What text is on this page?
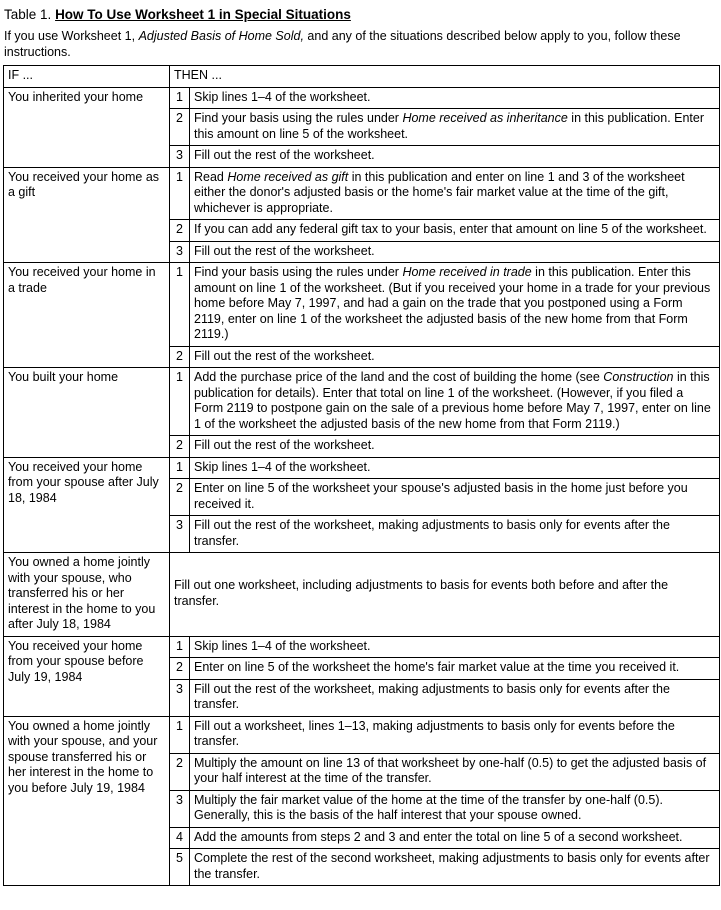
Table 1. How To Use Worksheet 1 in Special Situations
If you use Worksheet 1, Adjusted Basis of Home Sold, and any of the situations described below apply to you, follow these instructions.
IF ...	THEN ...	
You inherited your home	1	Skip lines 1–4 of the worksheet.
	2	Find your basis using the rules under Home received as inheritance in this publication. Enter this amount on line 5 of the worksheet.
	3	Fill out the rest of the worksheet.
You received your home as a gift	1	Read Home received as gift in this publication and enter on line 1 and 3 of the worksheet either the donor's adjusted basis or the home's fair market value at the time of the gift, whichever is appropriate.
	2	If you can add any federal gift tax to your basis, enter that amount on line 5 of the worksheet.
	3	Fill out the rest of the worksheet.
You received your home in a trade	1	Find your basis using the rules under Home received in trade in this publication. Enter this amount on line 1 of the worksheet. (But if you received your home in a trade for your previous home before May 7, 1997, and had a gain on the trade that you postponed using a Form 2119, enter on line 1 of the worksheet the adjusted basis of the new home from that Form 2119.)
	2	Fill out the rest of the worksheet.
You built your home	1	Add the purchase price of the land and the cost of building the home (see Construction in this publication for details). Enter that total on line 1 of the worksheet. (However, if you filed a Form 2119 to postpone gain on the sale of a previous home before May 7, 1997, enter on line 1 of the worksheet the adjusted basis of the new home from that Form 2119.)
	2	Fill out the rest of the worksheet.
You received your home from your spouse after July 18, 1984	1	Skip lines 1–4 of the worksheet.
	2	Enter on line 5 of the worksheet your spouse's adjusted basis in the home just before you received it.
	3	Fill out the rest of the worksheet, making adjustments to basis only for events after the transfer.
You owned a home jointly with your spouse, who transferred his or her interest in the home to you after July 18, 1984	Fill out one worksheet, including adjustments to basis for events both before and after the transfer.	
You received your home from your spouse before July 19, 1984	1	Skip lines 1–4 of the worksheet.
	2	Enter on line 5 of the worksheet the home's fair market value at the time you received it.
	3	Fill out the rest of the worksheet, making adjustments to basis only for events after the transfer.
You owned a home jointly with your spouse, and your spouse transferred his or her interest in the home to you before July 19, 1984	1	Fill out a worksheet, lines 1–13, making adjustments to basis only for events before the transfer.
	2	Multiply the amount on line 13 of that worksheet by one-half (0.5) to get the adjusted basis of your half interest at the time of the transfer.
	3	Multiply the fair market value of the home at the time of the transfer by one-half (0.5). Generally, this is the basis of the half interest that your spouse owned.
	4	Add the amounts from steps 2 and 3 and enter the total on line 5 of a second worksheet.
	5	Complete the rest of the second worksheet, making adjustments to basis only for events after the transfer.
